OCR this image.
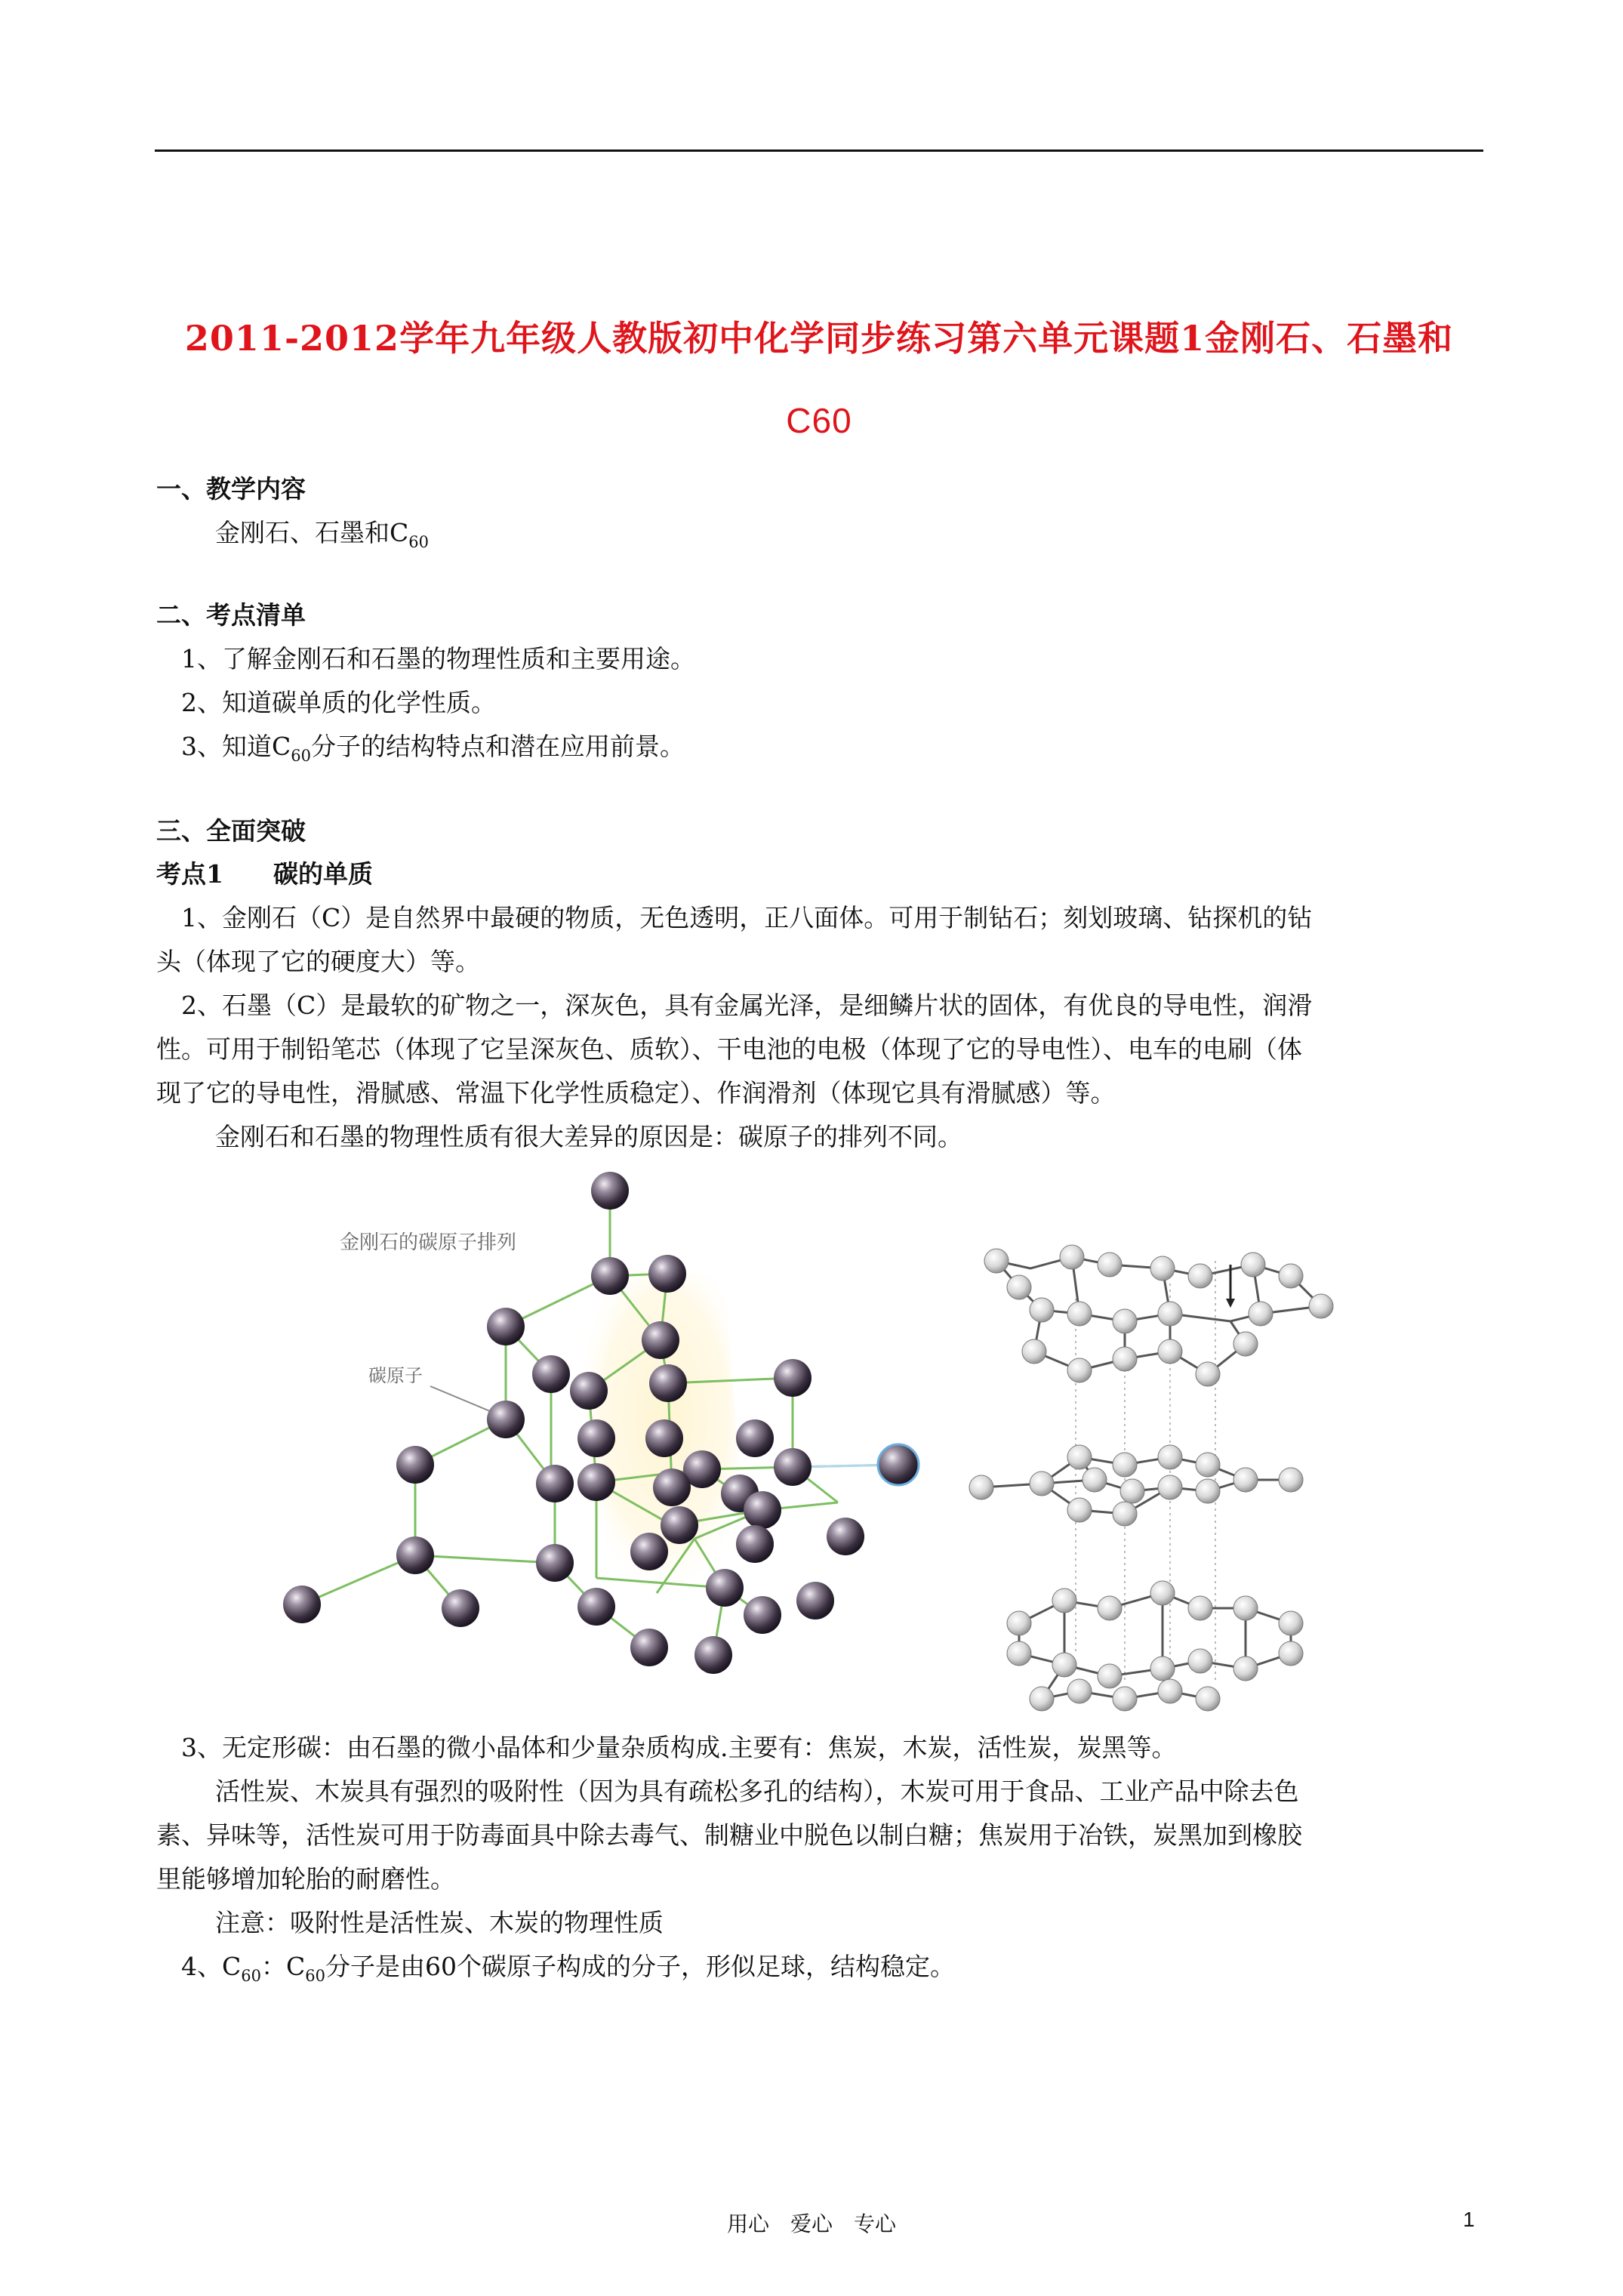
2011-2012学年九年级人教版初中化学同步练习第六单元课题1金刚石、石墨和
C60
一、教学内容
金刚石、石墨和$C_{60}$
二、考点清单
1、了解金刚石和石墨的物理性质和主要用途。
2、知道碳单质的化学性质。
3、知道$C_{60}$分子的结构特点和潜在应用前景。
三、全面突破
考点1　　碳的单质
1、金刚石（C）是自然界中最硬的物质，无色透明，正八面体。可用于制钻石；刻划玻璃、钻探机的钻
头（体现了它的硬度大）等。
2、石墨（C）是最软的矿物之一，深灰色，具有金属光泽，是细鳞片状的固体，有优良的导电性，润滑
性。可用于制铅笔芯（体现了它呈深灰色、质软）、干电池的电极（体现了它的导电性）、电车的电刷（体
现了它的导电性，滑腻感、常温下化学性质稳定）、作润滑剂（体现它具有滑腻感）等。
金刚石和石墨的物理性质有很大差异的原因是：碳原子的排列不同。
金刚石的碳原子排列
碳原子
3、无定形碳：由石墨的微小晶体和少量杂质构成.主要有：焦炭，木炭，活性炭，炭黑等。
活性炭、木炭具有强烈的吸附性（因为具有疏松多孔的结构），木炭可用于食品、工业产品中除去色
素、异味等，活性炭可用于防毒面具中除去毒气、制糖业中脱色以制白糖；焦炭用于冶铁，炭黑加到橡胶
里能够增加轮胎的耐磨性。
注意：吸附性是活性炭、木炭的物理性质
4、$C_{60}$：$C_{60}$分子是由60个碳原子构成的分子，形似足球，结构稳定。
用心　爱心　专心	1
